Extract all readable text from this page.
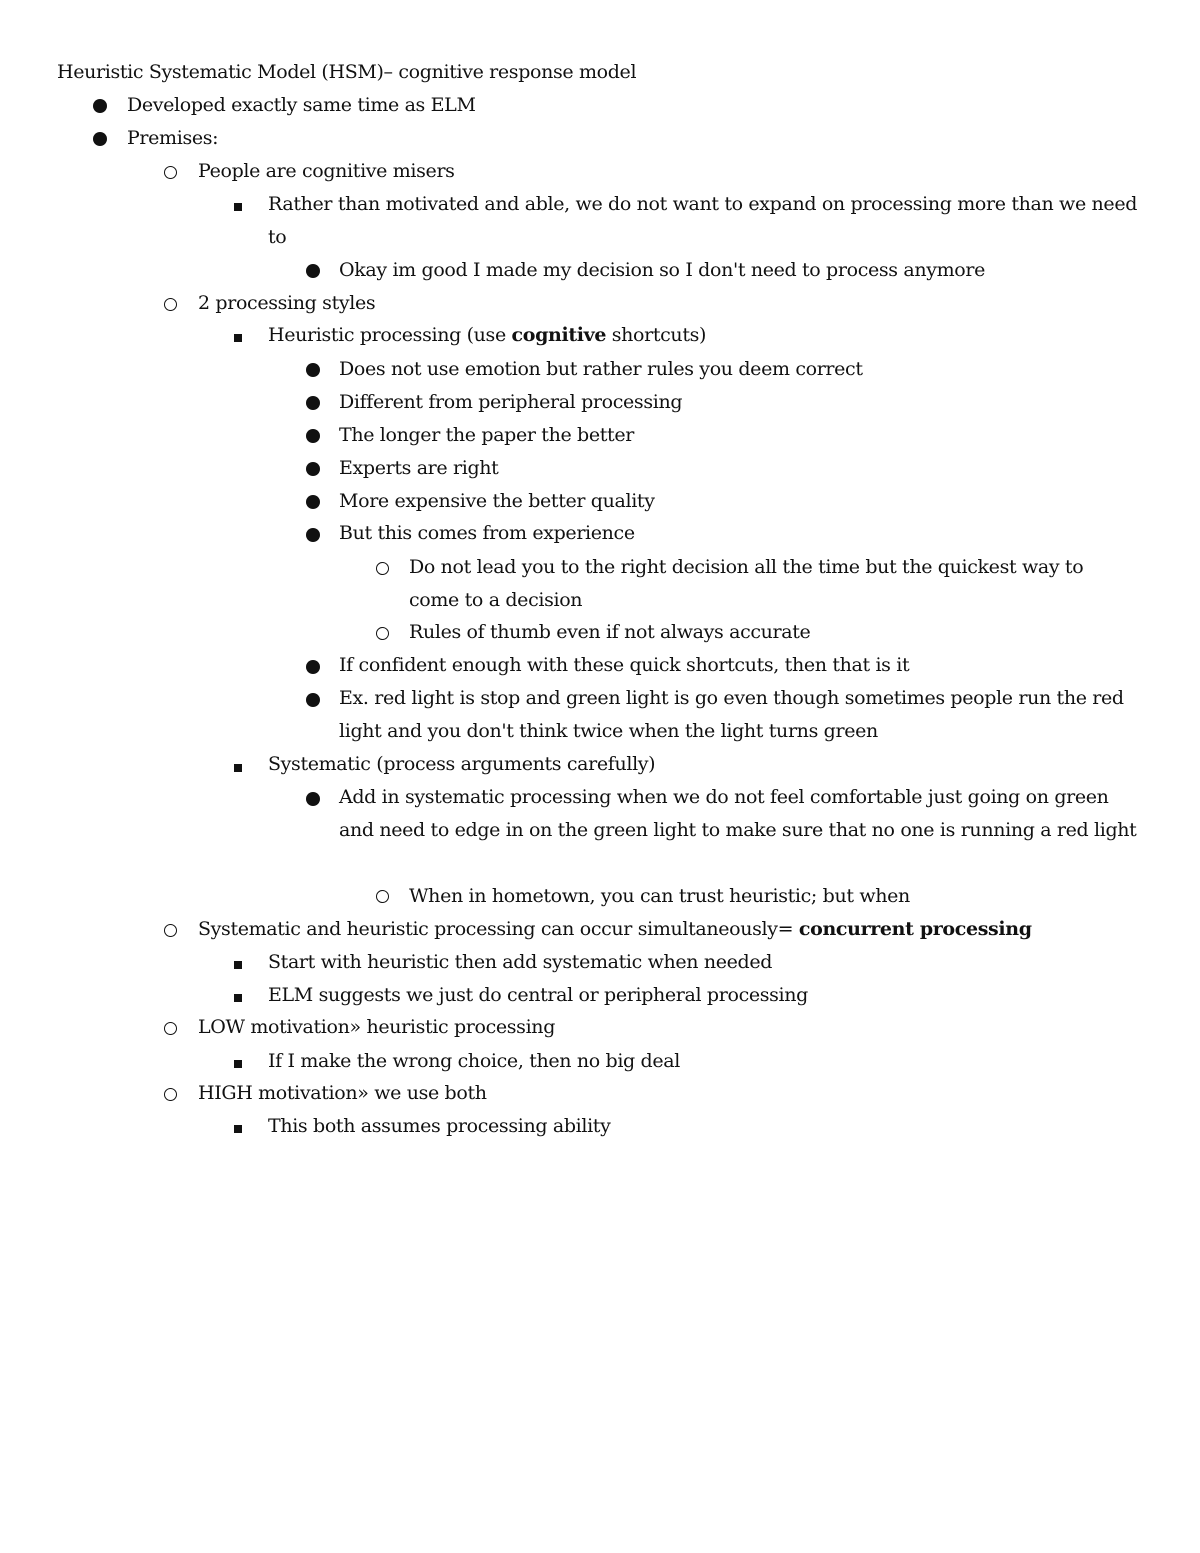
Heuristic Systematic Model (HSM)– cognitive response model
Developed exactly same time as ELM
Premises:
People are cognitive misers
Rather than motivated and able, we do not want to expand on processing more than we need to
Okay im good I made my decision so I don't need to process anymore
2 processing styles
Heuristic processing (use cognitive shortcuts)
Does not use emotion but rather rules you deem correct
Different from peripheral processing
The longer the paper the better
Experts are right
More expensive the better quality
But this comes from experience
Do not lead you to the right decision all the time but the quickest way to come to a decision
Rules of thumb even if not always accurate
If confident enough with these quick shortcuts, then that is it
Ex. red light is stop and green light is go even though sometimes people run the red light and you don't think twice when the light turns green
Systematic (process arguments carefully)
Add in systematic processing when we do not feel comfortable just going on green and need to edge in on the green light to make sure that no one is running a red light
When in hometown, you can trust heuristic; but when
Systematic and heuristic processing can occur simultaneously= concurrent processing
Start with heuristic then add systematic when needed
ELM suggests we just do central or peripheral processing
LOW motivation» heuristic processing
If I make the wrong choice, then no big deal
HIGH motivation» we use both
This both assumes processing ability
